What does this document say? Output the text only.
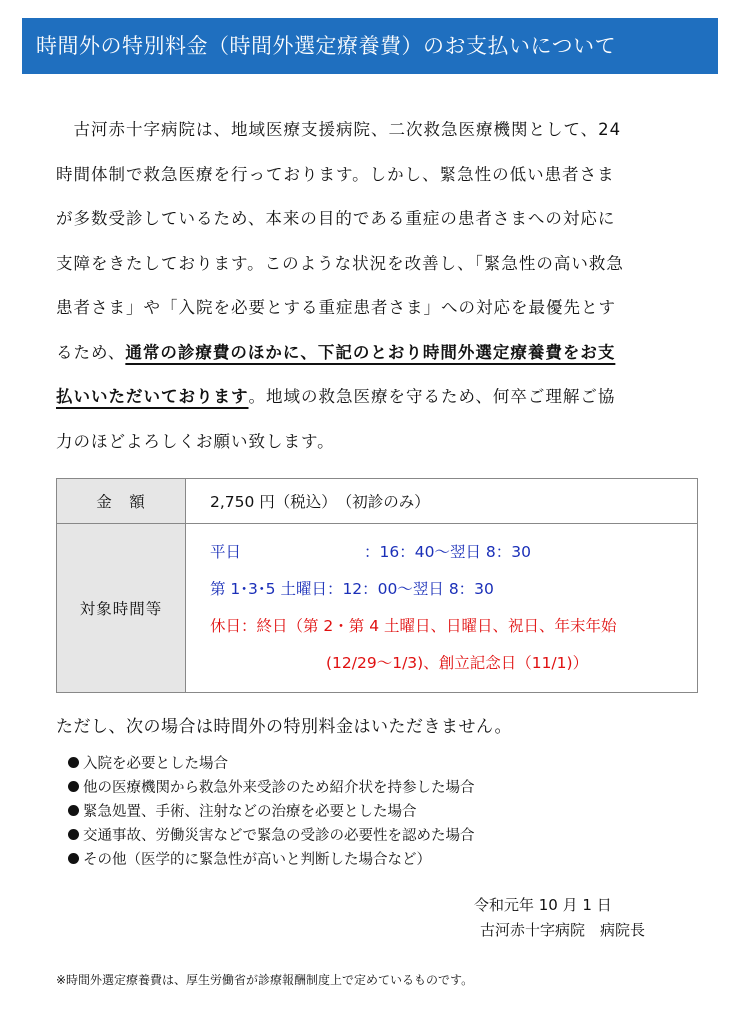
時間外の特別料金（時間外選定療養費）のお支払いについて
　古河赤十字病院は、地域医療支援病院、二次救急医療機関として、24
時間体制で救急医療を行っております。しかし、緊急性の低い患者さま
が多数受診しているため、本来の目的である重症の患者さまへの対応に
支障をきたしております。このような状況を改善し、「緊急性の高い救急
患者さま」や「入院を必要とする重症患者さま」への対応を最優先とす
るため、通常の診療費のほかに、下記のとおり時間外選定療養費をお支
払いいただいております。地域の救急医療を守るため、何卒ご理解ご協
力のほどよろしくお願い致します。
金　額	2,750 円（税込）　（初診のみ）
対象時間等	平日 ：16：40～翌日 8：30
第 1･3･5 土曜日：12：00～翌日 8：30
休日：終日（第 2・第 4 土曜日、日曜日、祝日、年末年始
(12/29～1/3)、創立記念日（11/1)）
ただし、次の場合は時間外の特別料金はいただきません。
入院を必要とした場合
他の医療機関から救急外来受診のため紹介状を持参した場合
緊急処置、手術、注射などの治療を必要とした場合
交通事故、労働災害などで緊急の受診の必要性を認めた場合
その他（医学的に緊急性が高いと判断した場合など）
令和元年 10 月 1 日
古河赤十字病院　病院長
※時間外選定療養費は、厚生労働省が診療報酬制度上で定めているものです。
